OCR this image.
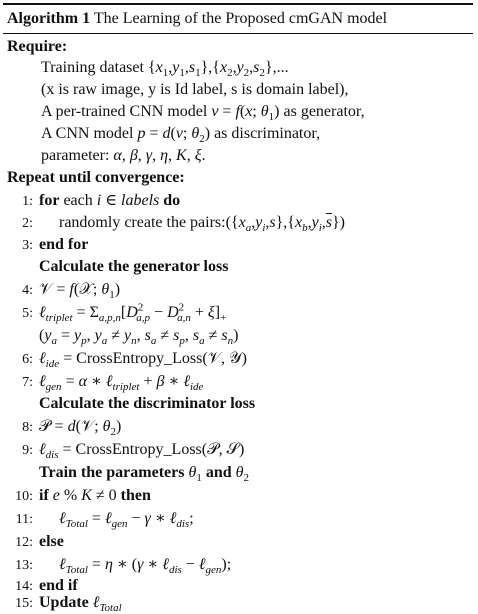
Algorithm 1 The Learning of the Proposed cmGAN model
Require:
Training dataset $\{x_1,y_1,s_1\},\{x_2,y_2,s_2\}$,...
(x is raw image, y is Id label, s is domain label),
A per-trained CNN model v = f(x; $\theta_1$) as generator,
A CNN model p = d(v; $\theta_2$) as discriminator,
parameter: α, β, γ, η, K, ξ.
Repeat until convergence:
1: for each i ∈ labels do
2: randomly create the $pairs:(\{x_a,y_i,s\},\{x_b,y_i,\overline{s}\})$
3: end for
Calculate the generator loss
4: 𝒱 = f(𝒳; $\theta_1$)
5: ℓ$_{triplet}$ = $\Sigma_{a,p,n}[D^2_{a,p} - D^2_{a,n} + \xi]_+$
($y_a = y_p$, $y_a \ne y_n$, $s_a \ne s_p$, $s_a \ne s_n$)
6: ℓ$_{ide}$ = CrossEntropy_Loss(𝒱, 𝒴)
7: ℓ$_{gen}$ = α ∗ ℓ$_{triplet}$ + β ∗ ℓ$_{ide}$
Calculate the discriminator loss
8: 𝒫 = d(𝒱; $\theta_2$)
9: ℓ$_{dis}$ = CrossEntropy_Loss(𝒫, 𝒮)
Train the parameters $\theta_1$ and $\theta_2$
10: if e % K ≠ 0 then
11: ℓ$_{Total}$ = ℓ$_{gen}$ − γ ∗ ℓ$_{dis}$;
12: else
13: ℓ$_{Total}$ = η ∗ (γ ∗ ℓ$_{dis}$ − ℓ$_{gen}$);
14: end if
15: Update ℓ$_{Total}$
